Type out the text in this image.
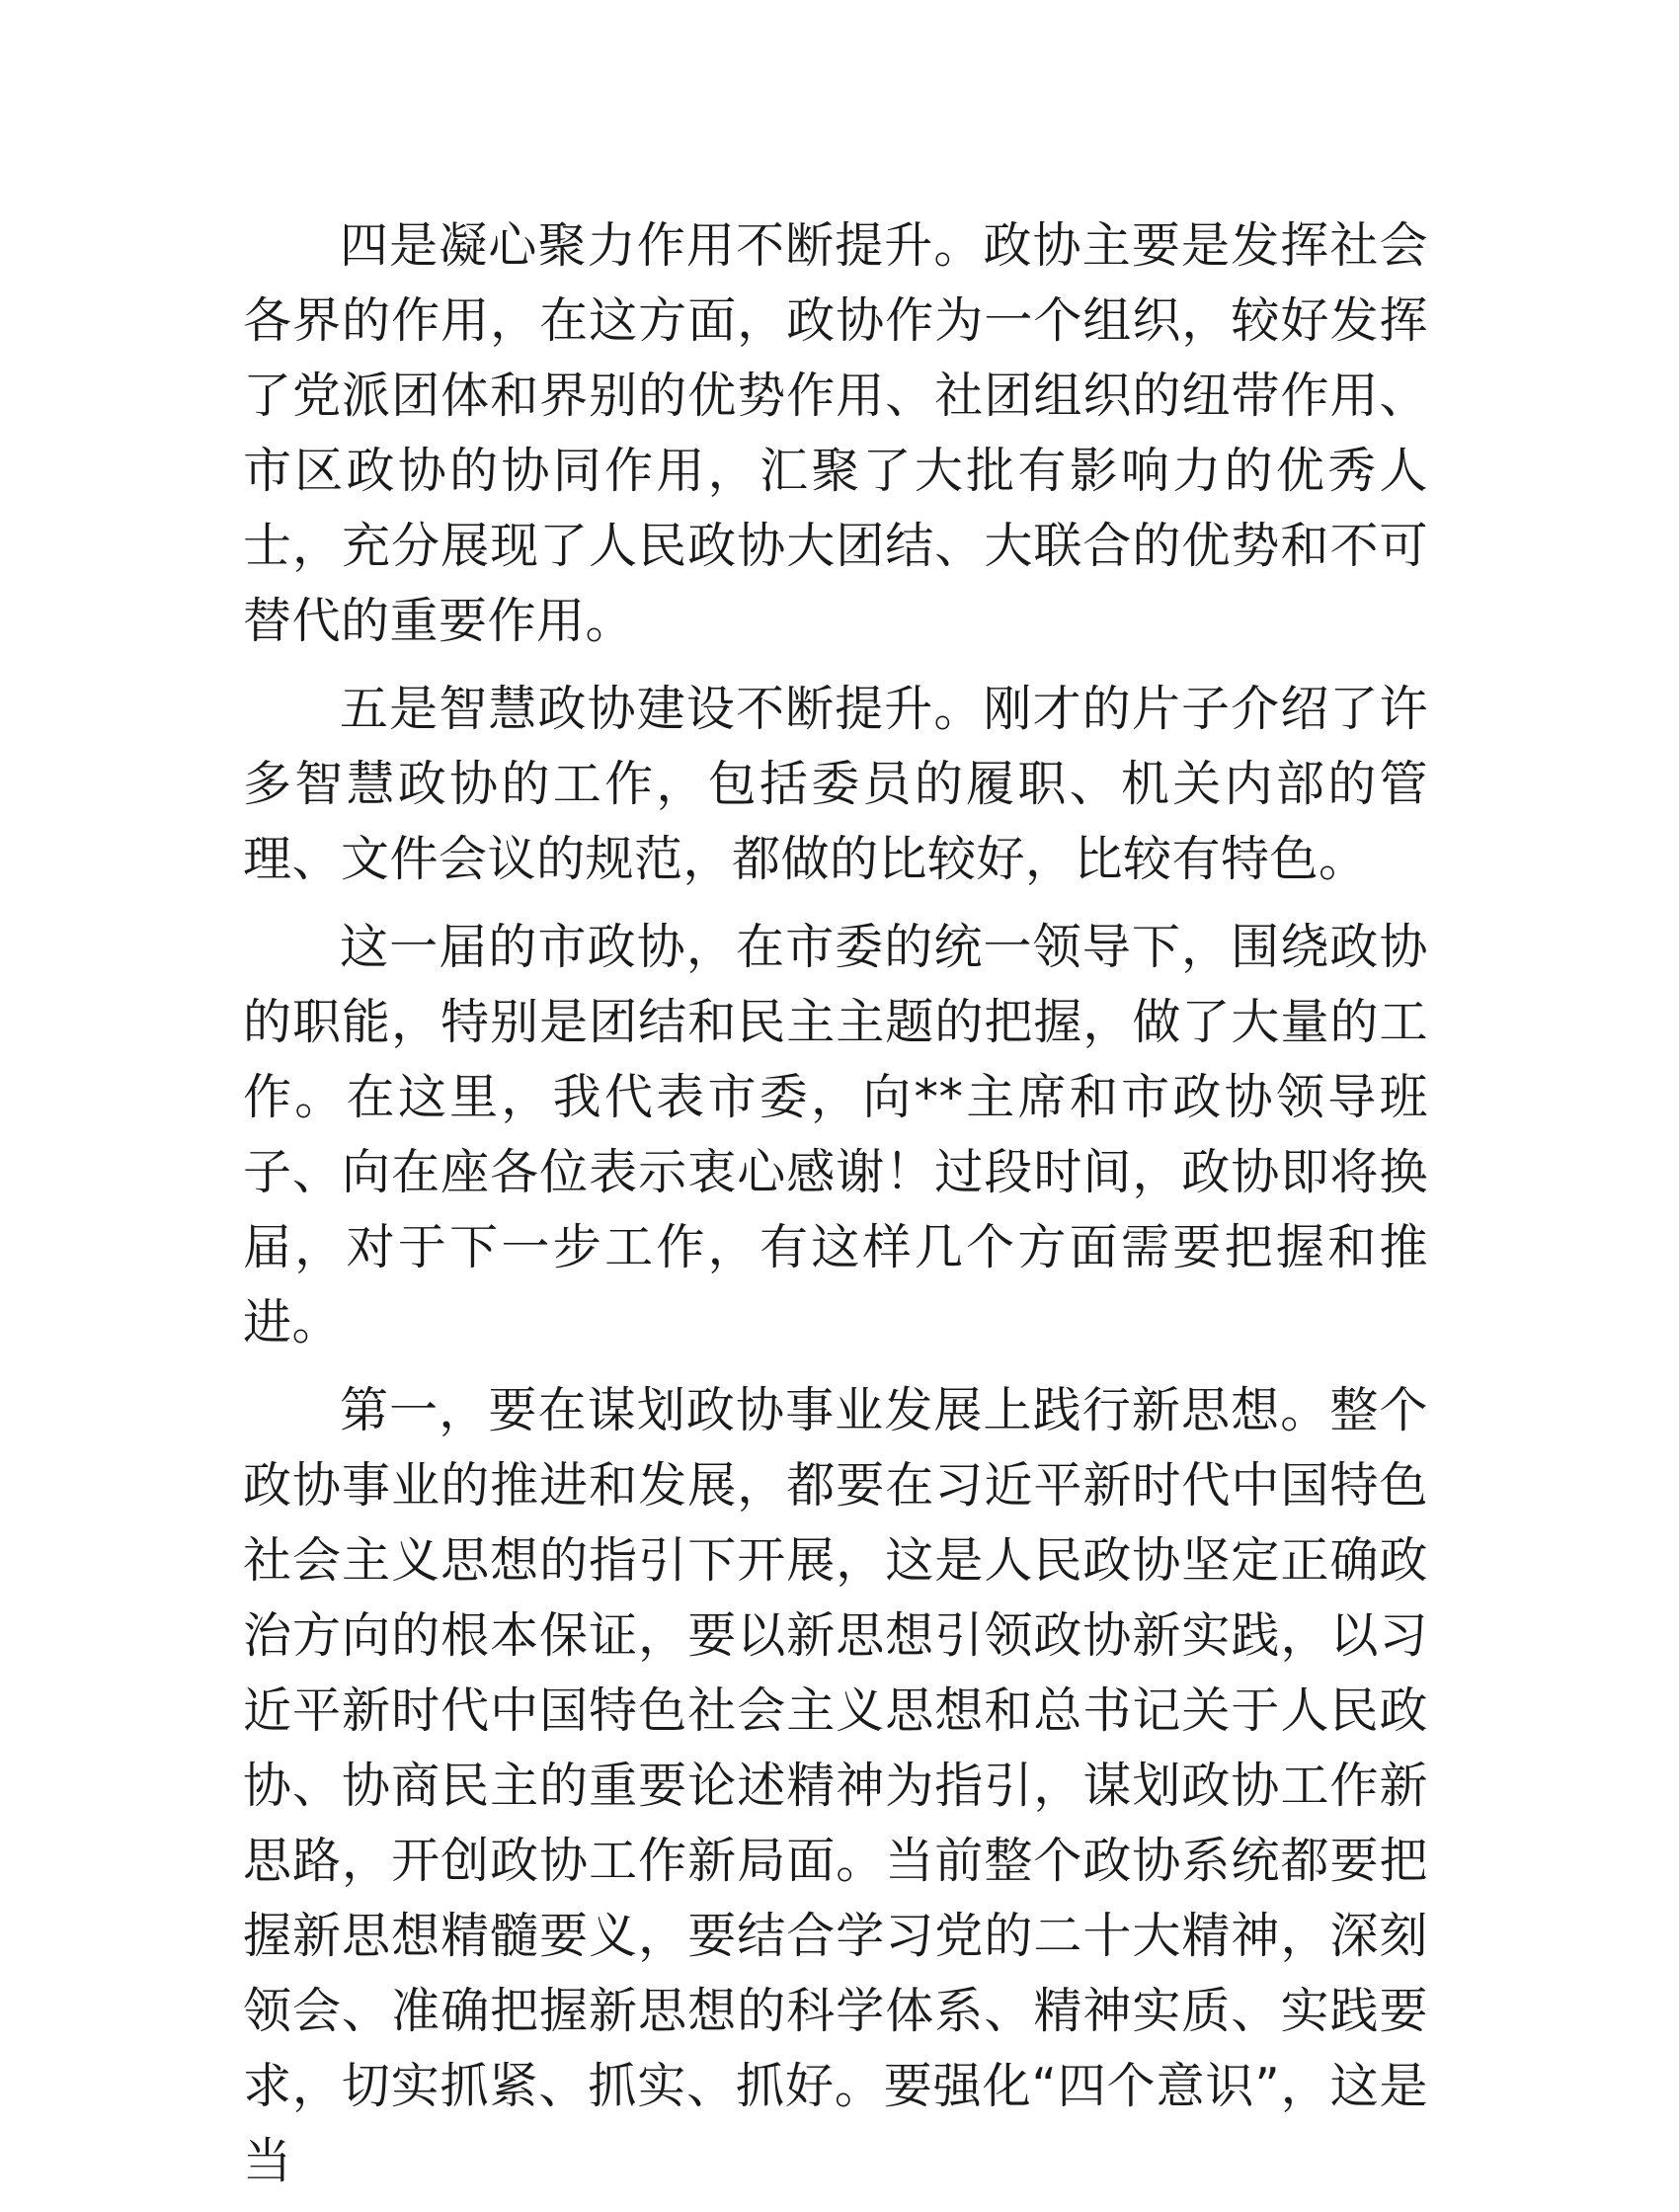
四是凝心聚力作用不断提升。政协主要是发挥社会各界的作用，在这方面，政协作为一个组织，较好发挥了党派团体和界别的优势作用、社团组织的纽带作用、市区政协的协同作用，汇聚了大批有影响力的优秀人士，充分展现了人民政协大团结、大联合的优势和不可替代的重要作用。

五是智慧政协建设不断提升。刚才的片子介绍了许多智慧政协的工作，包括委员的履职、机关内部的管理、文件会议的规范，都做的比较好，比较有特色。

这一届的市政协，在市委的统一领导下，围绕政协的职能，特别是团结和民主主题的把握，做了大量的工作。在这里，我代表市委，向**主席和市政协领导班子、向在座各位表示衷心感谢！过段时间，政协即将换届，对于下一步工作，有这样几个方面需要把握和推进。

第一，要在谋划政协事业发展上践行新思想。整个政协事业的推进和发展，都要在习近平新时代中国特色社会主义思想的指引下开展，这是人民政协坚定正确政治方向的根本保证，要以新思想引领政协新实践，以习近平新时代中国特色社会主义思想和总书记关于人民政协、协商民主的重要论述精神为指引，谋划政协工作新思路，开创政协工作新局面。当前整个政协系统都要把握新思想精髓要义，要结合学习党的二十大精神，深刻领会、准确把握新思想的科学体系、精神实质、实践要求，切实抓紧、抓实、抓好。要强化“四个意识”，这是当
